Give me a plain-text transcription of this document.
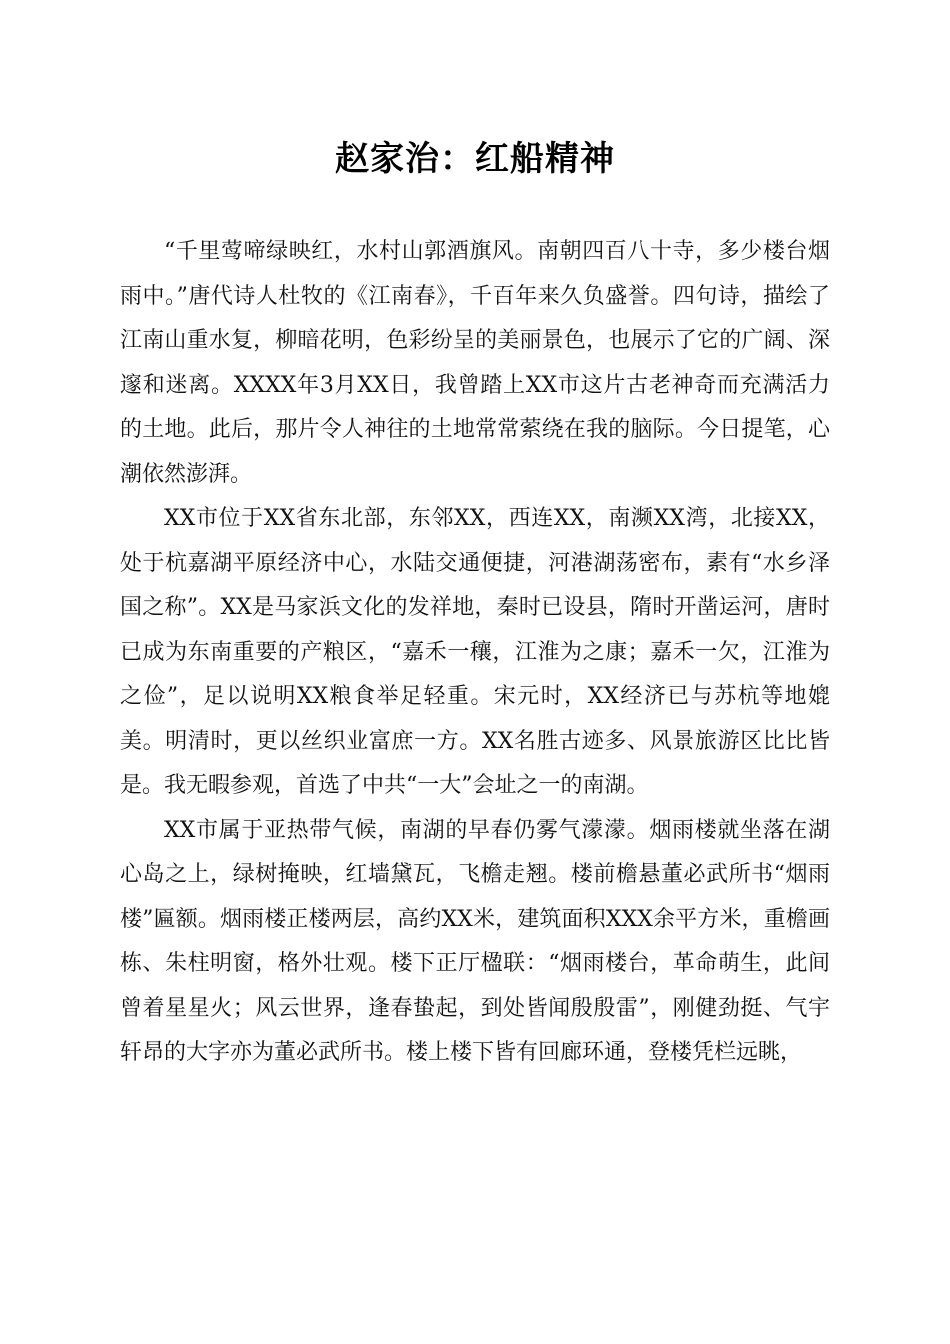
赵家治：红船精神

“千里莺啼绿映红，水村山郭酒旗风。南朝四百八十寺，多少楼台烟雨中。”唐代诗人杜牧的《江南春》，千百年来久负盛誉。四句诗，描绘了江南山重水复，柳暗花明，色彩纷呈的美丽景色，也展示了它的广阔、深邃和迷离。XXXX年3月XX日，我曾踏上XX市这片古老神奇而充满活力的土地。此后，那片令人神往的土地常常萦绕在我的脑际。今日提笔，心潮依然澎湃。

XX市位于XX省东北部，东邻XX，西连XX，南濒XX湾，北接XX，处于杭嘉湖平原经济中心，水陆交通便捷，河港湖荡密布，素有“水乡泽国之称”。XX是马家浜文化的发祥地，秦时已设县，隋时开凿运河，唐时已成为东南重要的产粮区，“嘉禾一穰，江淮为之康；嘉禾一欠，江淮为之俭”，足以说明XX粮食举足轻重。宋元时，XX经济已与苏杭等地媲美。明清时，更以丝织业富庶一方。XX名胜古迹多、风景旅游区比比皆是。我无暇参观，首选了中共“一大”会址之一的南湖。

XX市属于亚热带气候，南湖的早春仍雾气濛濛。烟雨楼就坐落在湖心岛之上，绿树掩映，红墙黛瓦，飞檐走翘。楼前檐悬董必武所书“烟雨楼”匾额。烟雨楼正楼两层，高约XX米，建筑面积XXX余平方米，重檐画栋、朱柱明窗，格外壮观。楼下正厅楹联：“烟雨楼台，革命萌生，此间曾着星星火；风云世界，逢春蛰起，到处皆闻殷殷雷”，刚健劲挺、气宇轩昂的大字亦为董必武所书。楼上楼下皆有回廊环通，登楼凭栏远眺，
